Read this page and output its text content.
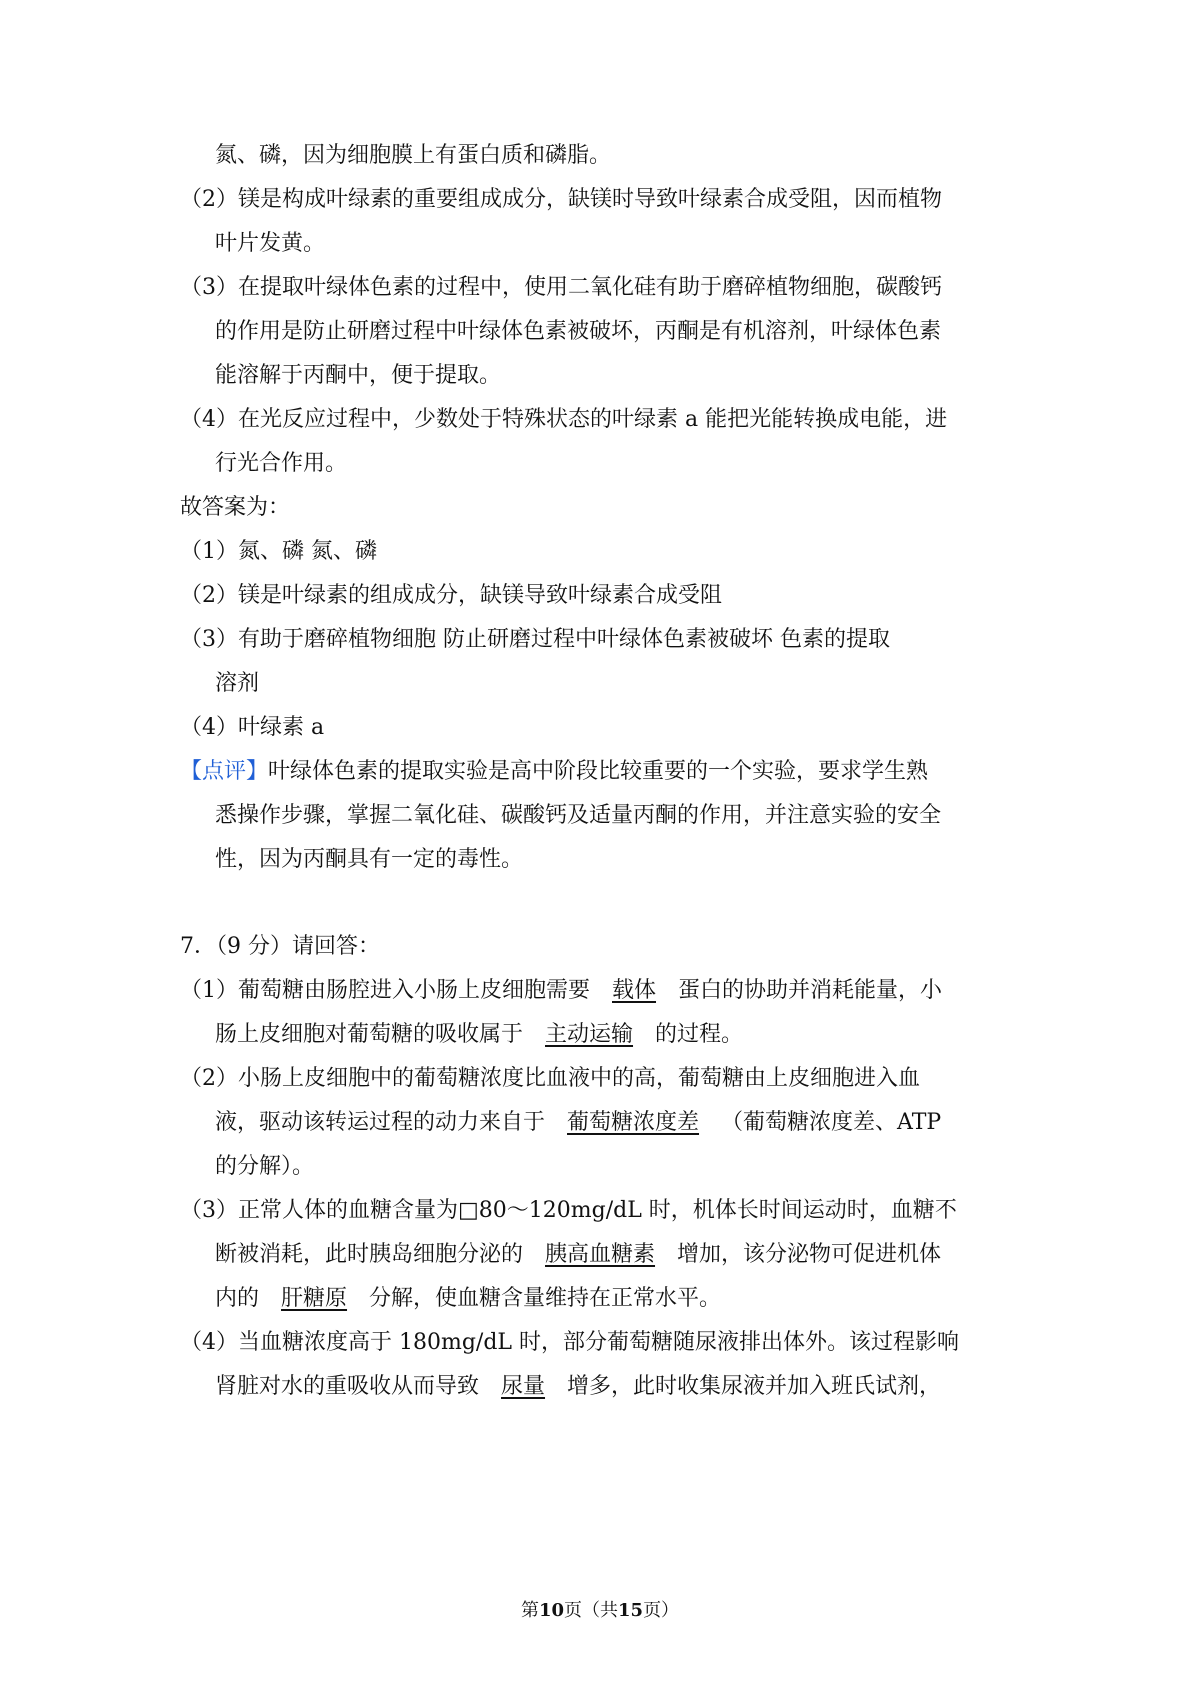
氮、磷，因为细胞膜上有蛋白质和磷脂。
（2）镁是构成叶绿素的重要组成成分，缺镁时导致叶绿素合成受阻，因而植物
叶片发黄。
（3）在提取叶绿体色素的过程中，使用二氧化硅有助于磨碎植物细胞，碳酸钙
的作用是防止研磨过程中叶绿体色素被破坏，丙酮是有机溶剂，叶绿体色素
能溶解于丙酮中，便于提取。
（4）在光反应过程中，少数处于特殊状态的叶绿素 a 能把光能转换成电能，进
行光合作用。
故答案为：
（1）氮、磷 氮、磷
（2）镁是叶绿素的组成成分，缺镁导致叶绿素合成受阻
（3）有助于磨碎植物细胞 防止研磨过程中叶绿体色素被破坏 色素的提取
溶剂
（4）叶绿素 a
【点评】叶绿体色素的提取实验是高中阶段比较重要的一个实验，要求学生熟
悉操作步骤，掌握二氧化硅、碳酸钙及适量丙酮的作用，并注意实验的安全
性，因为丙酮具有一定的毒性。
7．（9 分）请回答：
（1）葡萄糖由肠腔进入小肠上皮细胞需要 载体 蛋白的协助并消耗能量，小
肠上皮细胞对葡萄糖的吸收属于 主动运输 的过程。
（2）小肠上皮细胞中的葡萄糖浓度比血液中的高，葡萄糖由上皮细胞进入血
液，驱动该转运过程的动力来自于 葡萄糖浓度差 （葡萄糖浓度差、ATP
的分解）。
（3）正常人体的血糖含量为□80～120mg/dL 时，机体长时间运动时，血糖不
断被消耗，此时胰岛细胞分泌的 胰高血糖素 增加，该分泌物可促进机体
内的 肝糖原 分解，使血糖含量维持在正常水平。
（4）当血糖浓度高于 180mg/dL 时，部分葡萄糖随尿液排出体外。该过程影响
肾脏对水的重吸收从而导致 尿量 增多，此时收集尿液并加入班氏试剂，
第10页（共15页）
